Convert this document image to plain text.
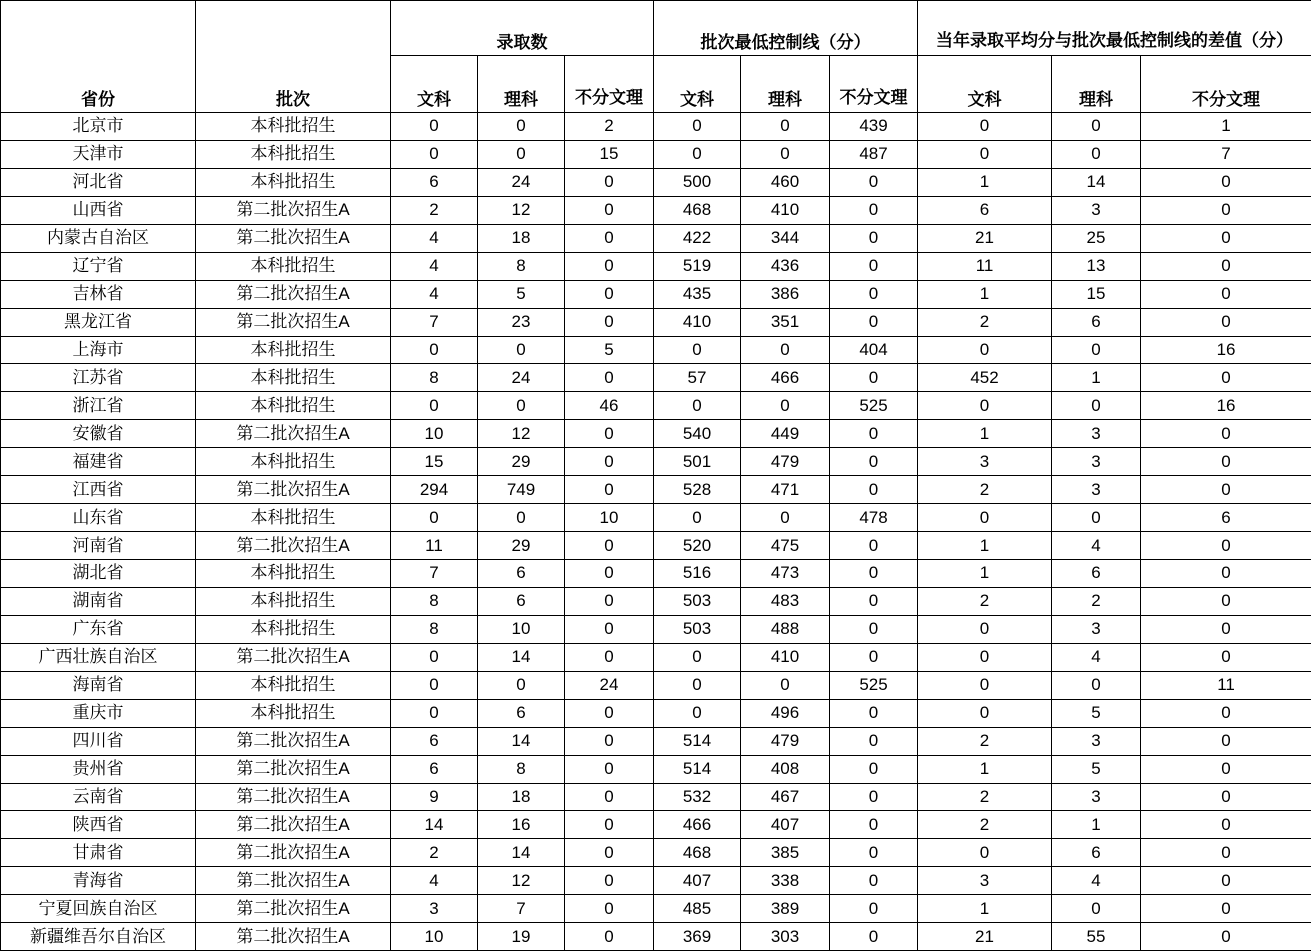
省份	批次	录取数			批次最低控制线（分）			当年录取平均分与批次最低控制线的差值（分）		
		文科	理科	不分文理	文科	理科	不分文理	文科	理科	不分文理
北京市	本科批招生	0	0	2	0	0	439	0	0	1
天津市	本科批招生	0	0	15	0	0	487	0	0	7
河北省	本科批招生	6	24	0	500	460	0	1	14	0
山西省	第二批次招生A	2	12	0	468	410	0	6	3	0
内蒙古自治区	第二批次招生A	4	18	0	422	344	0	21	25	0
辽宁省	本科批招生	4	8	0	519	436	0	11	13	0
吉林省	第二批次招生A	4	5	0	435	386	0	1	15	0
黑龙江省	第二批次招生A	7	23	0	410	351	0	2	6	0
上海市	本科批招生	0	0	5	0	0	404	0	0	16
江苏省	本科批招生	8	24	0	57	466	0	452	1	0
浙江省	本科批招生	0	0	46	0	0	525	0	0	16
安徽省	第二批次招生A	10	12	0	540	449	0	1	3	0
福建省	本科批招生	15	29	0	501	479	0	3	3	0
江西省	第二批次招生A	294	749	0	528	471	0	2	3	0
山东省	本科批招生	0	0	10	0	0	478	0	0	6
河南省	第二批次招生A	11	29	0	520	475	0	1	4	0
湖北省	本科批招生	7	6	0	516	473	0	1	6	0
湖南省	本科批招生	8	6	0	503	483	0	2	2	0
广东省	本科批招生	8	10	0	503	488	0	0	3	0
广西壮族自治区	第二批次招生A	0	14	0	0	410	0	0	4	0
海南省	本科批招生	0	0	24	0	0	525	0	0	11
重庆市	本科批招生	0	6	0	0	496	0	0	5	0
四川省	第二批次招生A	6	14	0	514	479	0	2	3	0
贵州省	第二批次招生A	6	8	0	514	408	0	1	5	0
云南省	第二批次招生A	9	18	0	532	467	0	2	3	0
陕西省	第二批次招生A	14	16	0	466	407	0	2	1	0
甘肃省	第二批次招生A	2	14	0	468	385	0	0	6	0
青海省	第二批次招生A	4	12	0	407	338	0	3	4	0
宁夏回族自治区	第二批次招生A	3	7	0	485	389	0	1	0	0
新疆维吾尔自治区	第二批次招生A	10	19	0	369	303	0	21	55	0
